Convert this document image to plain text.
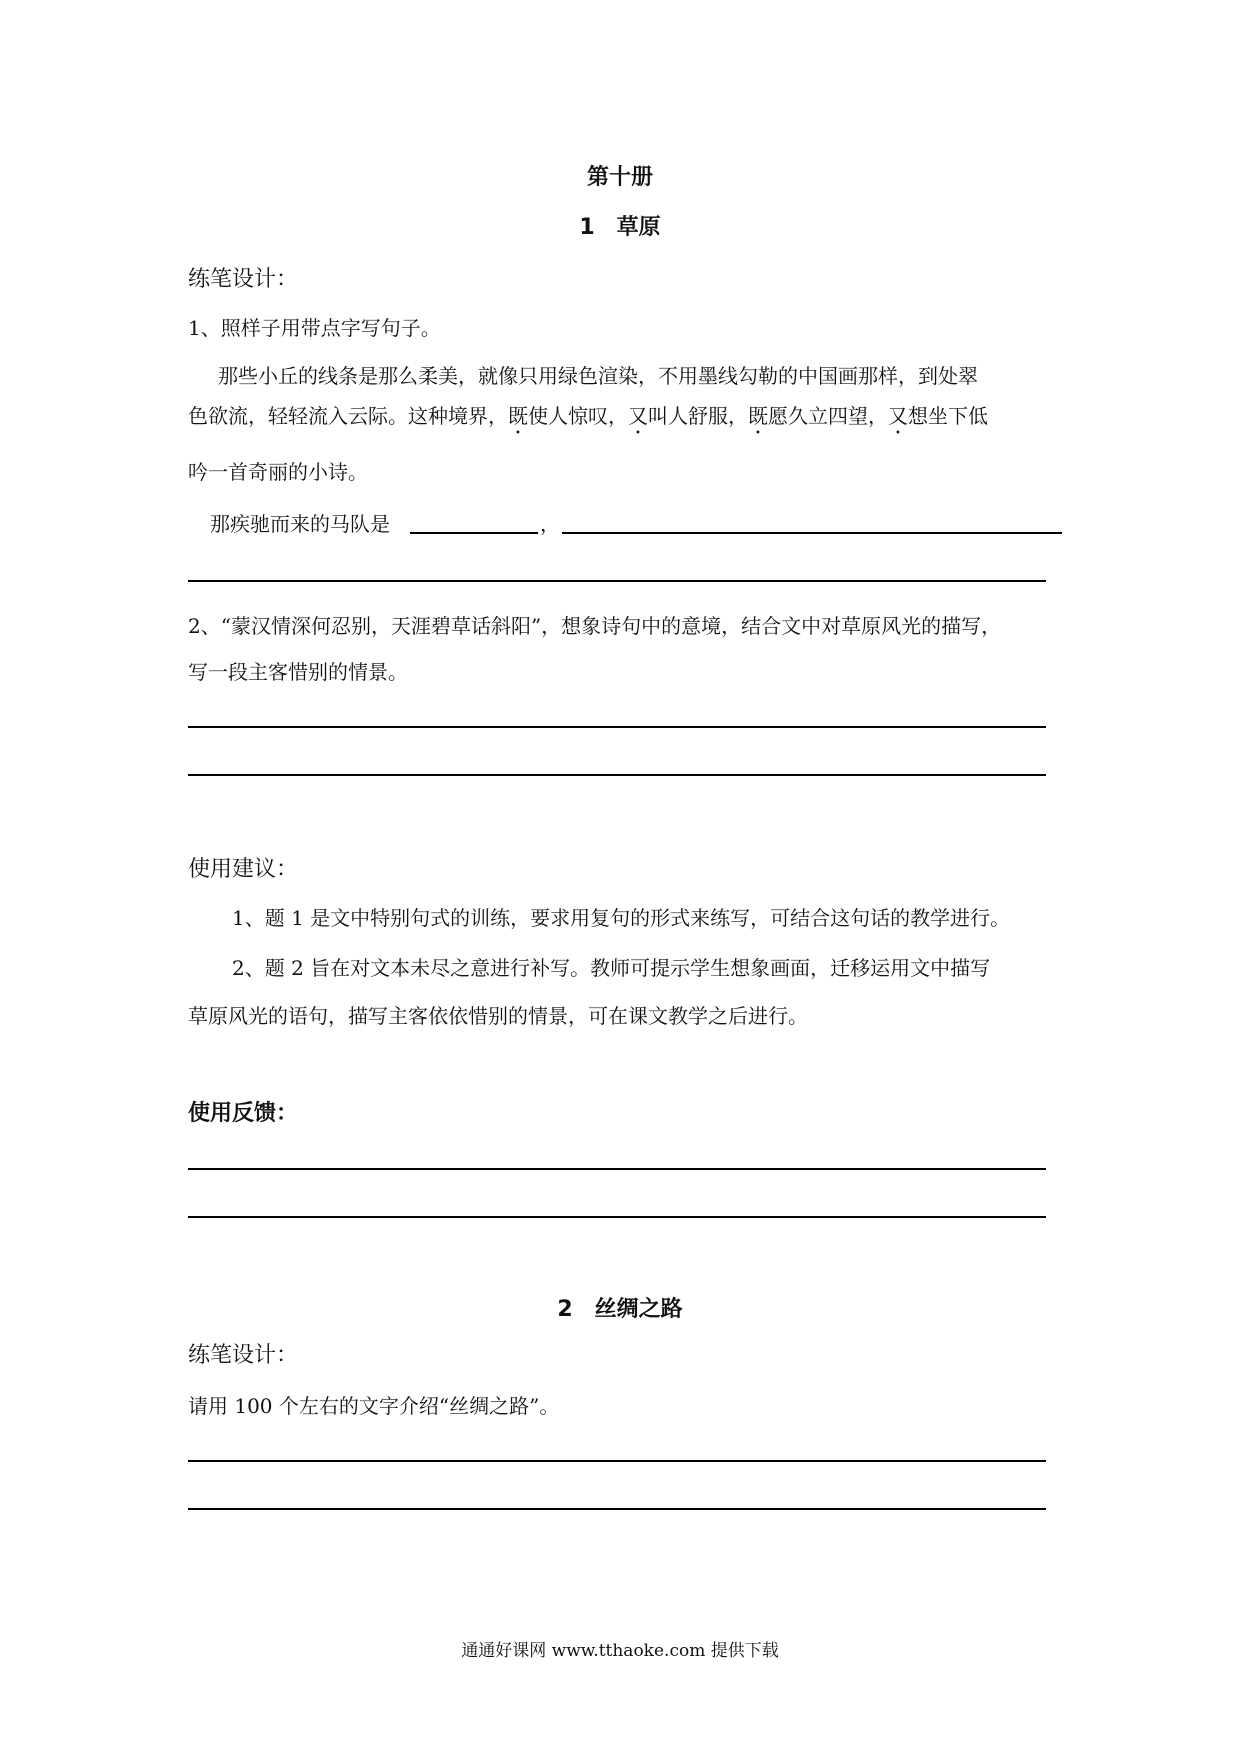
第十册
1　草原
练笔设计：
1、照样子用带点字写句子。
那些小丘的线条是那么柔美，就像只用绿色渲染，不用墨线勾勒的中国画那样，到处翠
色欲流，轻轻流入云际。这种境界，既使人惊叹，又叫人舒服，既愿久立四望，又想坐下低
吟一首奇丽的小诗。
那疾驰而来的马队是	，
2、“蒙汉情深何忍别，天涯碧草话斜阳”，想象诗句中的意境，结合文中对草原风光的描写，
写一段主客惜别的情景。
使用建议：
1、题 1 是文中特别句式的训练，要求用复句的形式来练写，可结合这句话的教学进行。
2、题 2 旨在对文本未尽之意进行补写。教师可提示学生想象画面，迁移运用文中描写
草原风光的语句，描写主客依依惜别的情景，可在课文教学之后进行。
使用反馈：
2　丝绸之路
练笔设计：
请用 100 个左右的文字介绍“丝绸之路”。
通通好课网 www.tthaoke.com 提供下载
